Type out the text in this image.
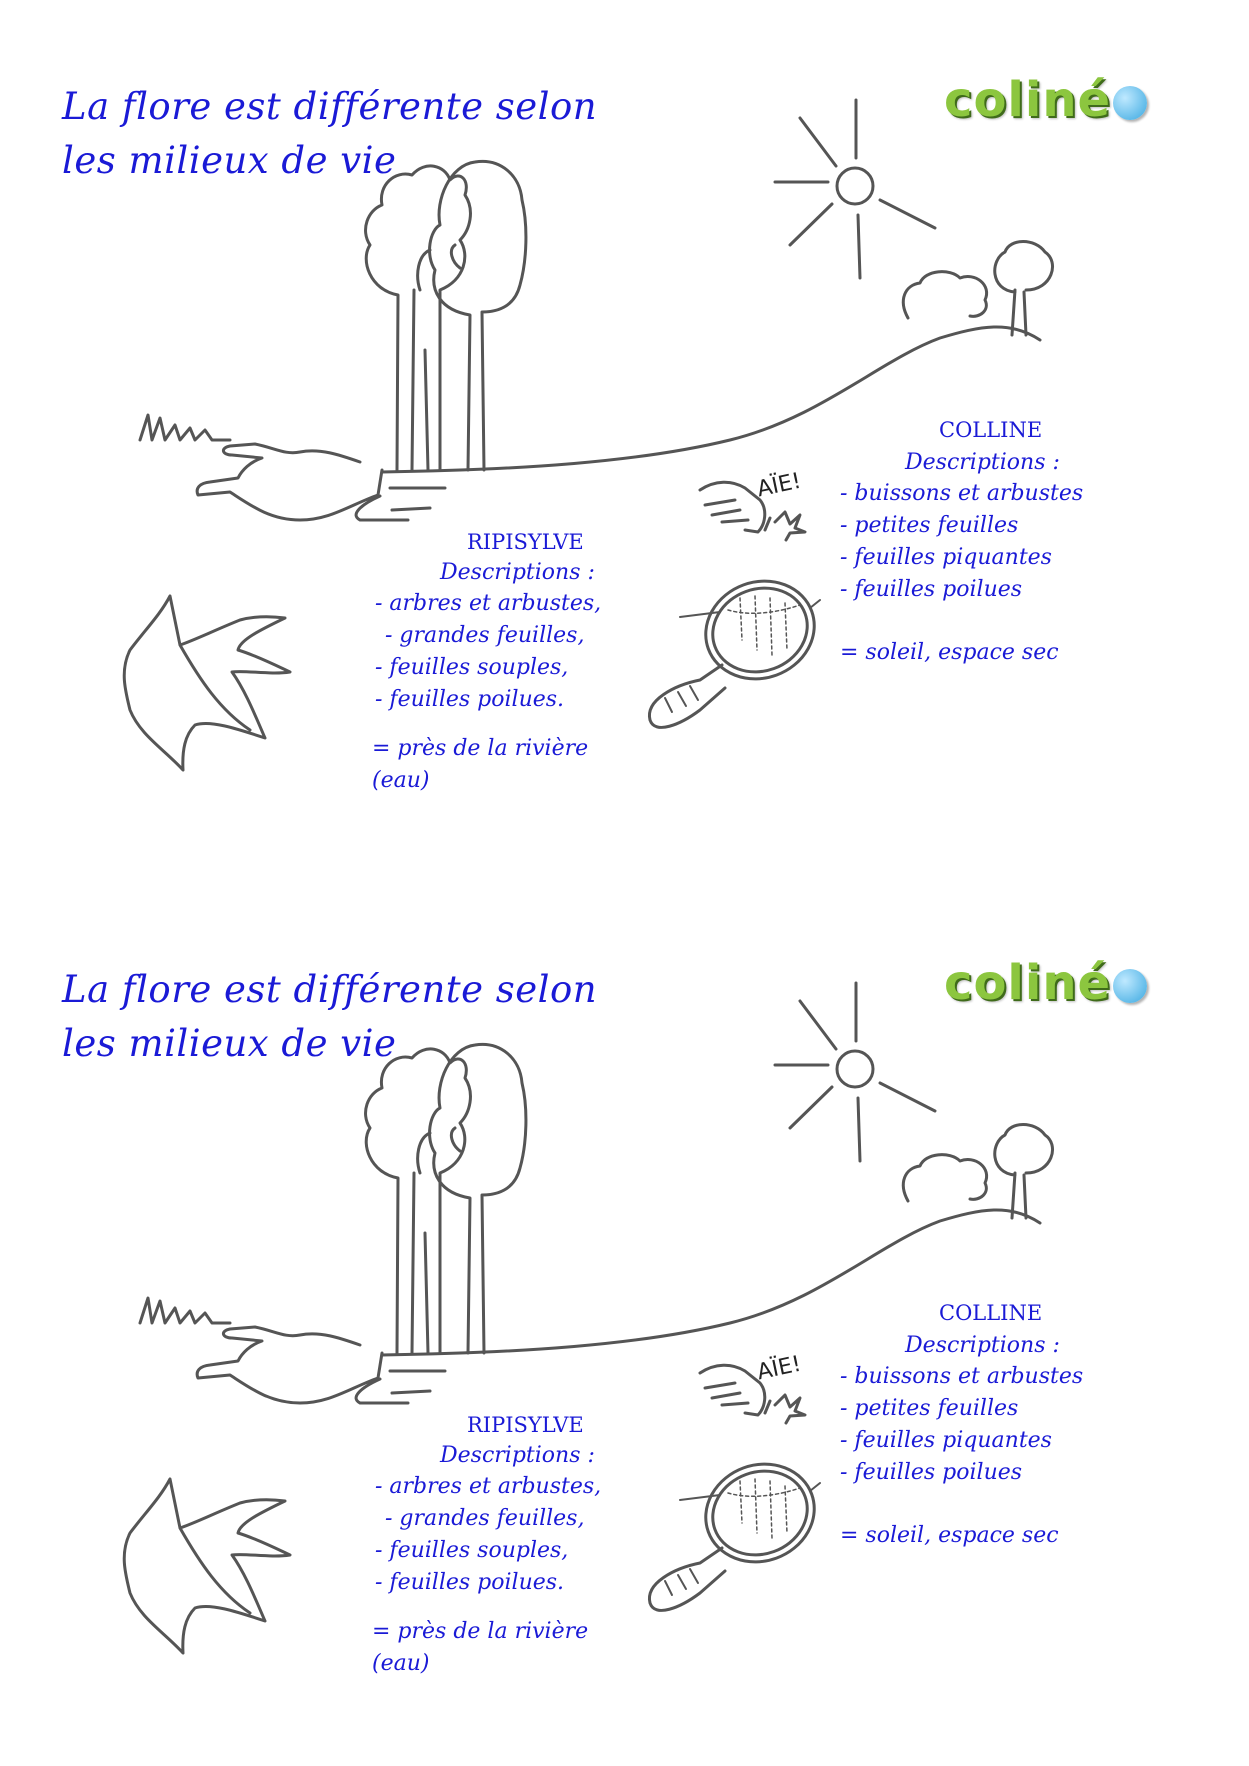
La flore est différente selon
les milieux de vie
coliné
AÏE!
COLLINE
Descriptions :
- buissons et arbustes
- petites feuilles
- feuilles piquantes
- feuilles poilues
= soleil, espace sec
RIPISYLVE
Descriptions :
- arbres et arbustes,
- grandes feuilles,
- feuilles souples,
- feuilles poilues.
= près de la rivière
(eau)
La flore est différente selon
les milieux de vie
coliné
AÏE!
COLLINE
Descriptions :
- buissons et arbustes
- petites feuilles
- feuilles piquantes
- feuilles poilues
= soleil, espace sec
RIPISYLVE
Descriptions :
- arbres et arbustes,
- grandes feuilles,
- feuilles souples,
- feuilles poilues.
= près de la rivière
(eau)
